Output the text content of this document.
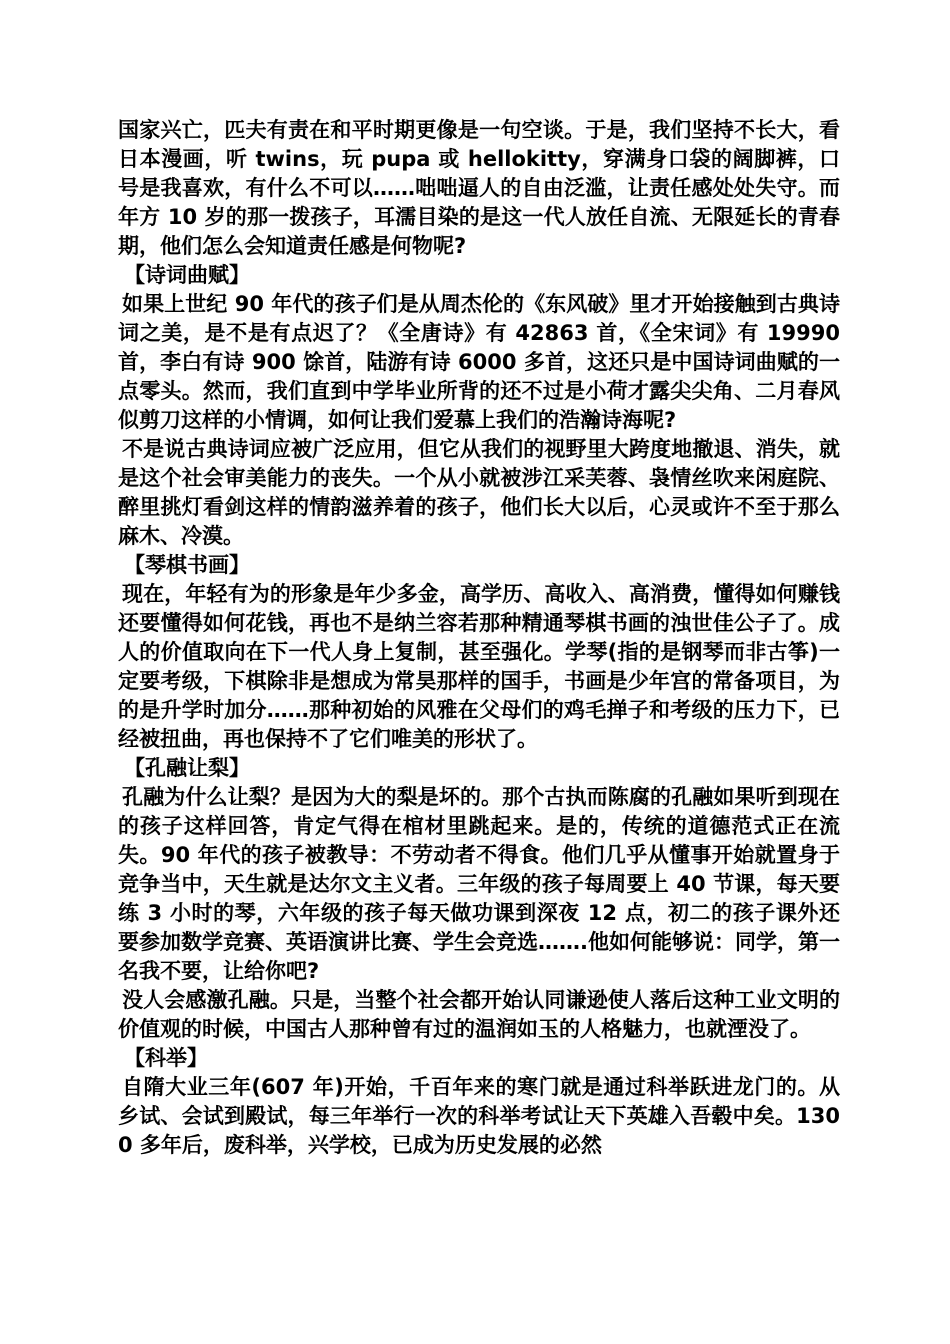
国家兴亡，匹夫有责在和平时期更像是一句空谈。于是，我们坚持不长大，看日本漫画，听 twins，玩 pupa 或 hellokitty，穿满身口袋的阔脚裤，口号是我喜欢，有什么不可以……咄咄逼人的自由泛滥，让责任感处处失守。而年方 10 岁的那一拨孩子，耳濡目染的是这一代人放任自流、无限延长的青春期，他们怎么会知道责任感是何物呢?

【诗词曲赋】

如果上世纪 90 年代的孩子们是从周杰伦的《东风破》里才开始接触到古典诗词之美，是不是有点迟了？《全唐诗》有 42863 首，《全宋词》有 19990 首，李白有诗 900 馀首，陆游有诗 6000 多首，这还只是中国诗词曲赋的一点零头。然而，我们直到中学毕业所背的还不过是小荷才露尖尖角、二月春风似剪刀这样的小情调，如何让我们爱慕上我们的浩瀚诗海呢?

不是说古典诗词应被广泛应用，但它从我们的视野里大跨度地撤退、消失，就是这个社会审美能力的丧失。一个从小就被涉江采芙蓉、袅情丝吹来闲庭院、醉里挑灯看剑这样的情韵滋养着的孩子，他们长大以后，心灵或许不至于那么麻木、冷漠。

【琴棋书画】

现在，年轻有为的形象是年少多金，高学历、高收入、高消费，懂得如何赚钱还要懂得如何花钱，再也不是纳兰容若那种精通琴棋书画的浊世佳公子了。成人的价值取向在下一代人身上复制，甚至强化。学琴(指的是钢琴而非古筝)一定要考级，下棋除非是想成为常昊那样的国手，书画是少年宫的常备项目，为的是升学时加分……那种初始的风雅在父母们的鸡毛掸子和考级的压力下，已经被扭曲，再也保持不了它们唯美的形状了。

【孔融让梨】

孔融为什么让梨？是因为大的梨是坏的。那个古执而陈腐的孔融如果听到现在的孩子这样回答，肯定气得在棺材里跳起来。是的，传统的道德范式正在流失。90 年代的孩子被教导：不劳动者不得食。他们几乎从懂事开始就置身于竞争当中，天生就是达尔文主义者。三年级的孩子每周要上 40 节课，每天要练 3 小时的琴，六年级的孩子每天做功课到深夜 12 点，初二的孩子课外还要参加数学竞赛、英语演讲比赛、学生会竞选…….他如何能够说：同学，第一名我不要，让给你吧?

没人会感激孔融。只是，当整个社会都开始认同谦逊使人落后这种工业文明的价值观的时候，中国古人那种曾有过的温润如玉的人格魅力，也就湮没了。

【科举】

自隋大业三年(607 年)开始，千百年来的寒门就是通过科举跃进龙门的。从乡试、会试到殿试，每三年举行一次的科举考试让天下英雄入吾毂中矣。1300 多年后，废科举，兴学校，已成为历史发展的必然
